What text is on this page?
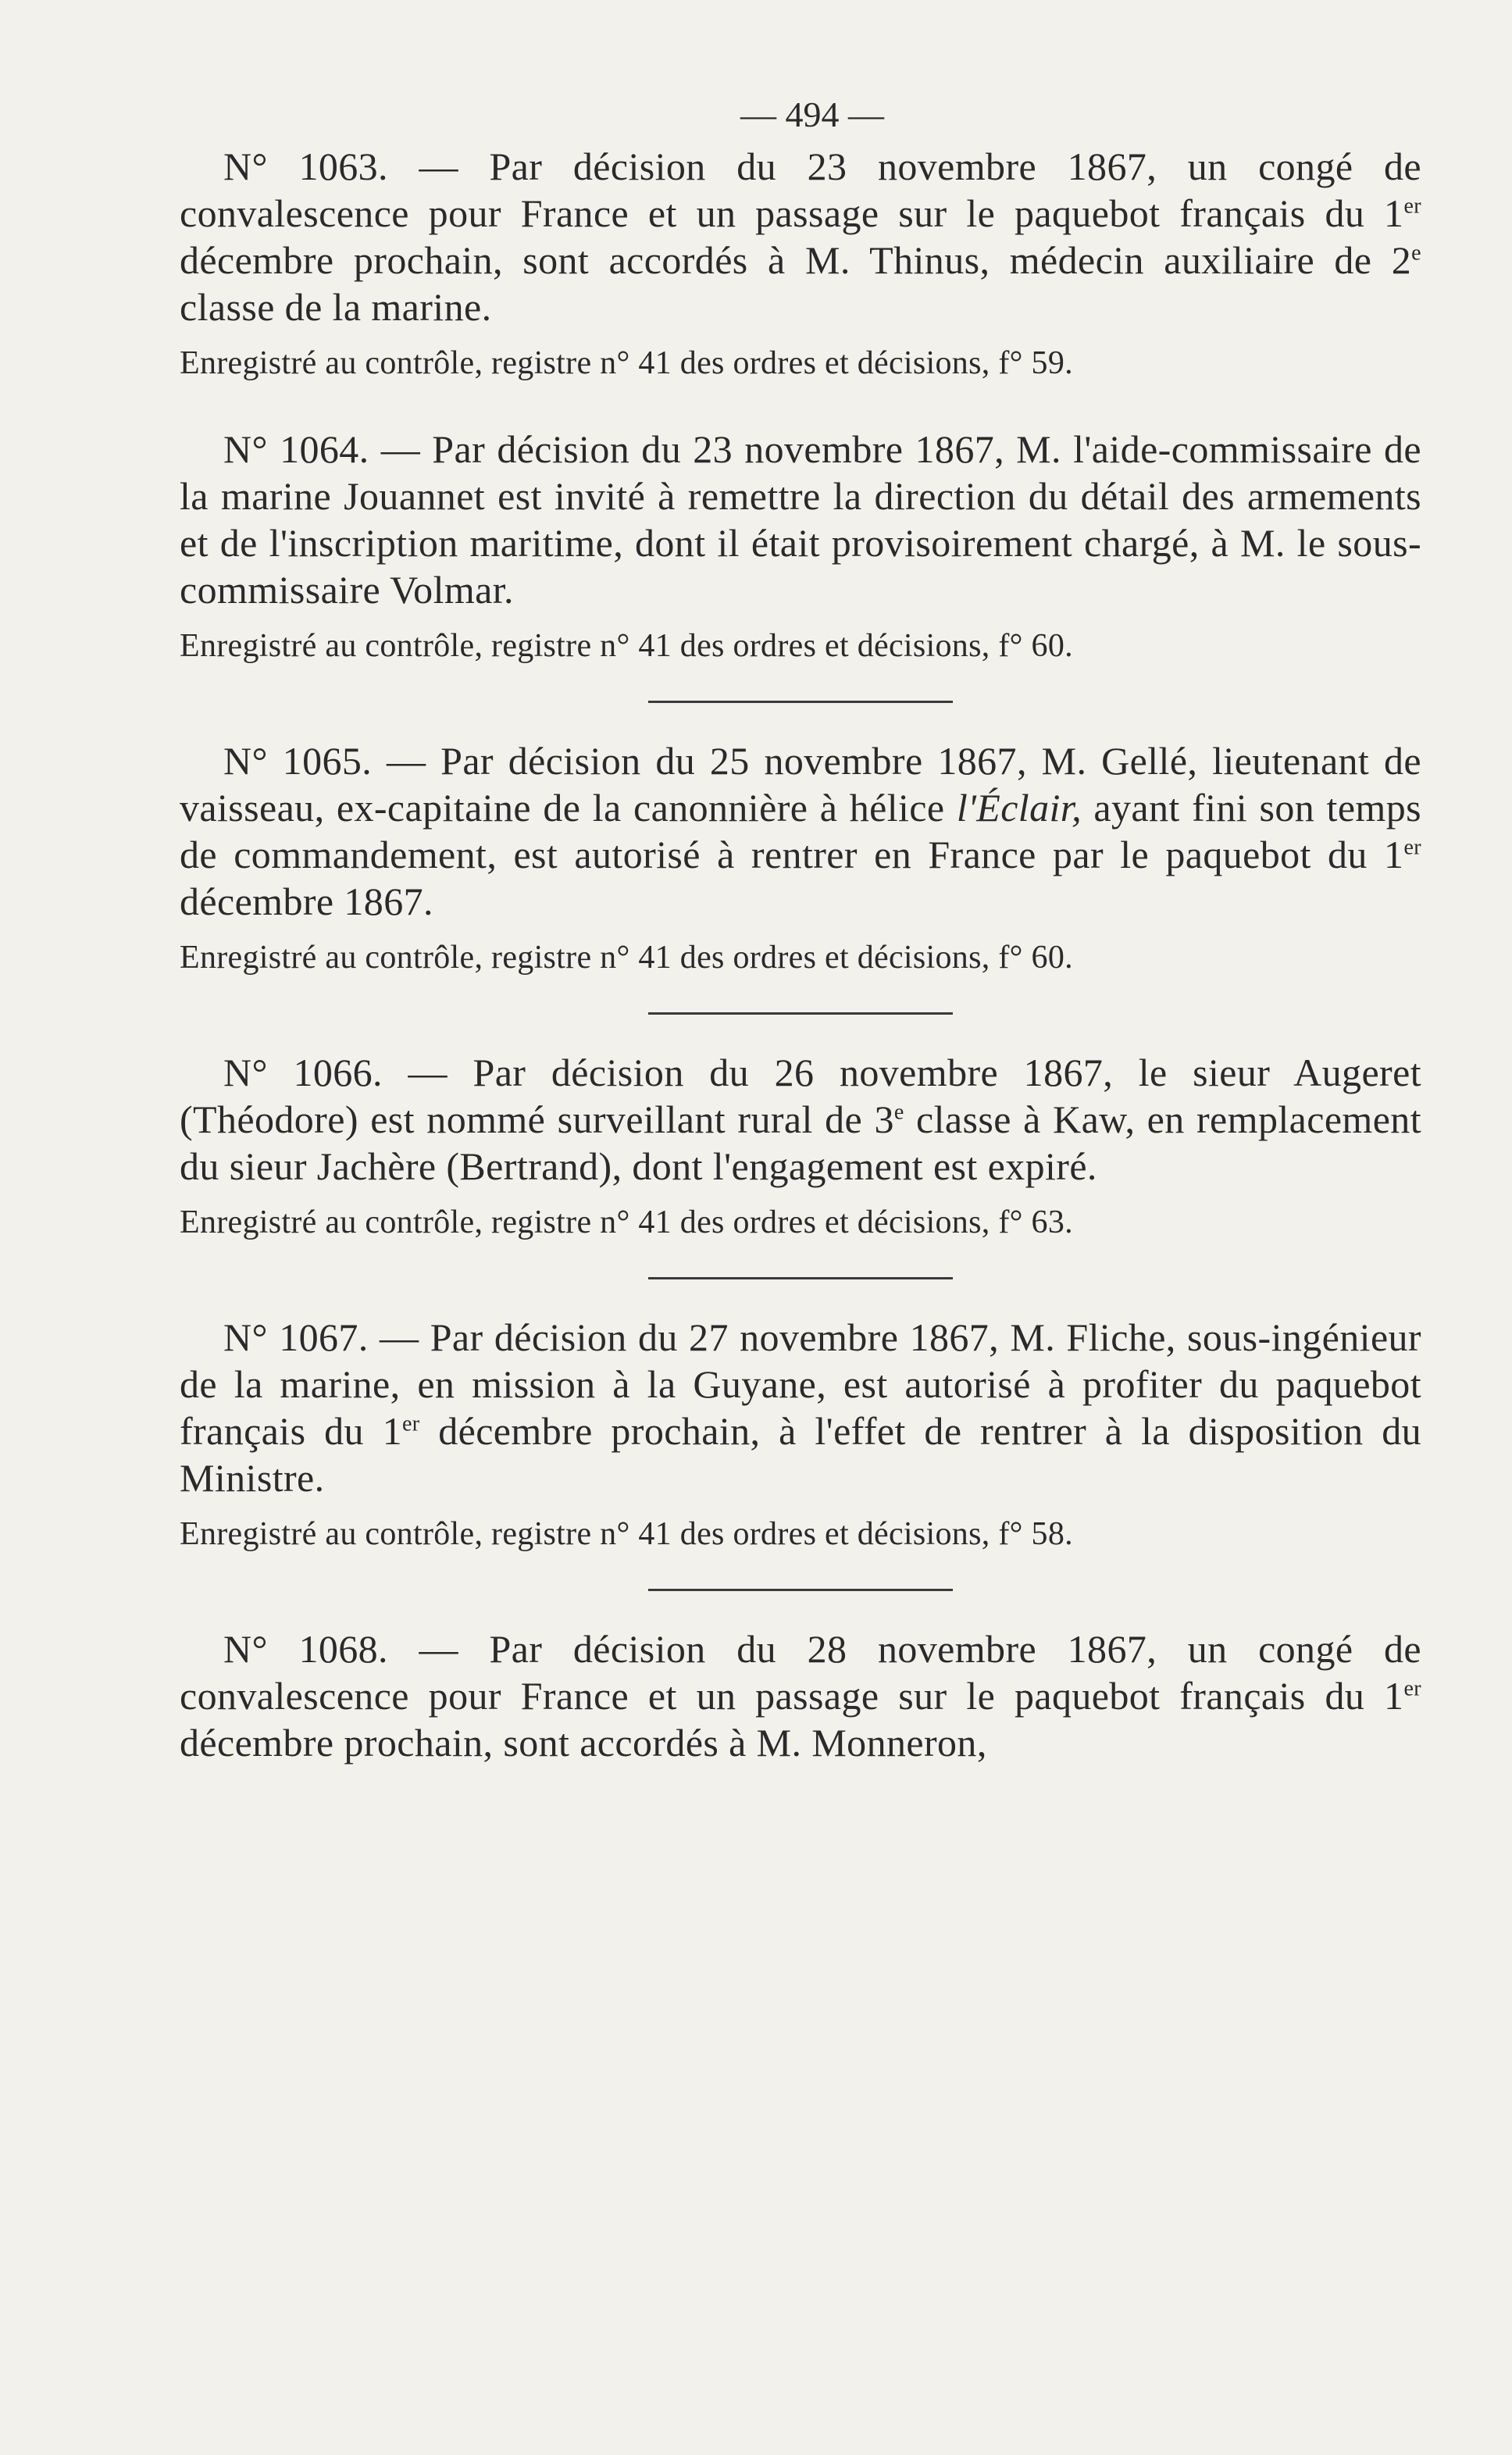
— 494 —

N° 1063. — Par décision du 23 novembre 1867, un congé de convalescence pour France et un passage sur le paquebot français du 1er décembre prochain, sont accordés à M. Thinus, médecin auxiliaire de 2e classe de la marine.

Enregistré au contrôle, registre n° 41 des ordres et décisions, f° 59.

N° 1064. — Par décision du 23 novembre 1867, M. l'aide-commissaire de la marine Jouannet est invité à remettre la direction du détail des armements et de l'inscription maritime, dont il était provisoirement chargé, à M. le sous-commissaire Volmar.

Enregistré au contrôle, registre n° 41 des ordres et décisions, f° 60.

N° 1065. — Par décision du 25 novembre 1867, M. Gellé, lieutenant de vaisseau, ex-capitaine de la canonnière à hélice l'Éclair, ayant fini son temps de commandement, est autorisé à rentrer en France par le paquebot du 1er décembre 1867.

Enregistré au contrôle, registre n° 41 des ordres et décisions, f° 60.

N° 1066. — Par décision du 26 novembre 1867, le sieur Augeret (Théodore) est nommé surveillant rural de 3e classe à Kaw, en remplacement du sieur Jachère (Bertrand), dont l'engagement est expiré.

Enregistré au contrôle, registre n° 41 des ordres et décisions, f° 63.

N° 1067. — Par décision du 27 novembre 1867, M. Fliche, sous-ingénieur de la marine, en mission à la Guyane, est autorisé à profiter du paquebot français du 1er décembre prochain, à l'effet de rentrer à la disposition du Ministre.

Enregistré au contrôle, registre n° 41 des ordres et décisions, f° 58.

N° 1068. — Par décision du 28 novembre 1867, un congé de convalescence pour France et un passage sur le paquebot français du 1er décembre prochain, sont accordés à M. Monneron,
